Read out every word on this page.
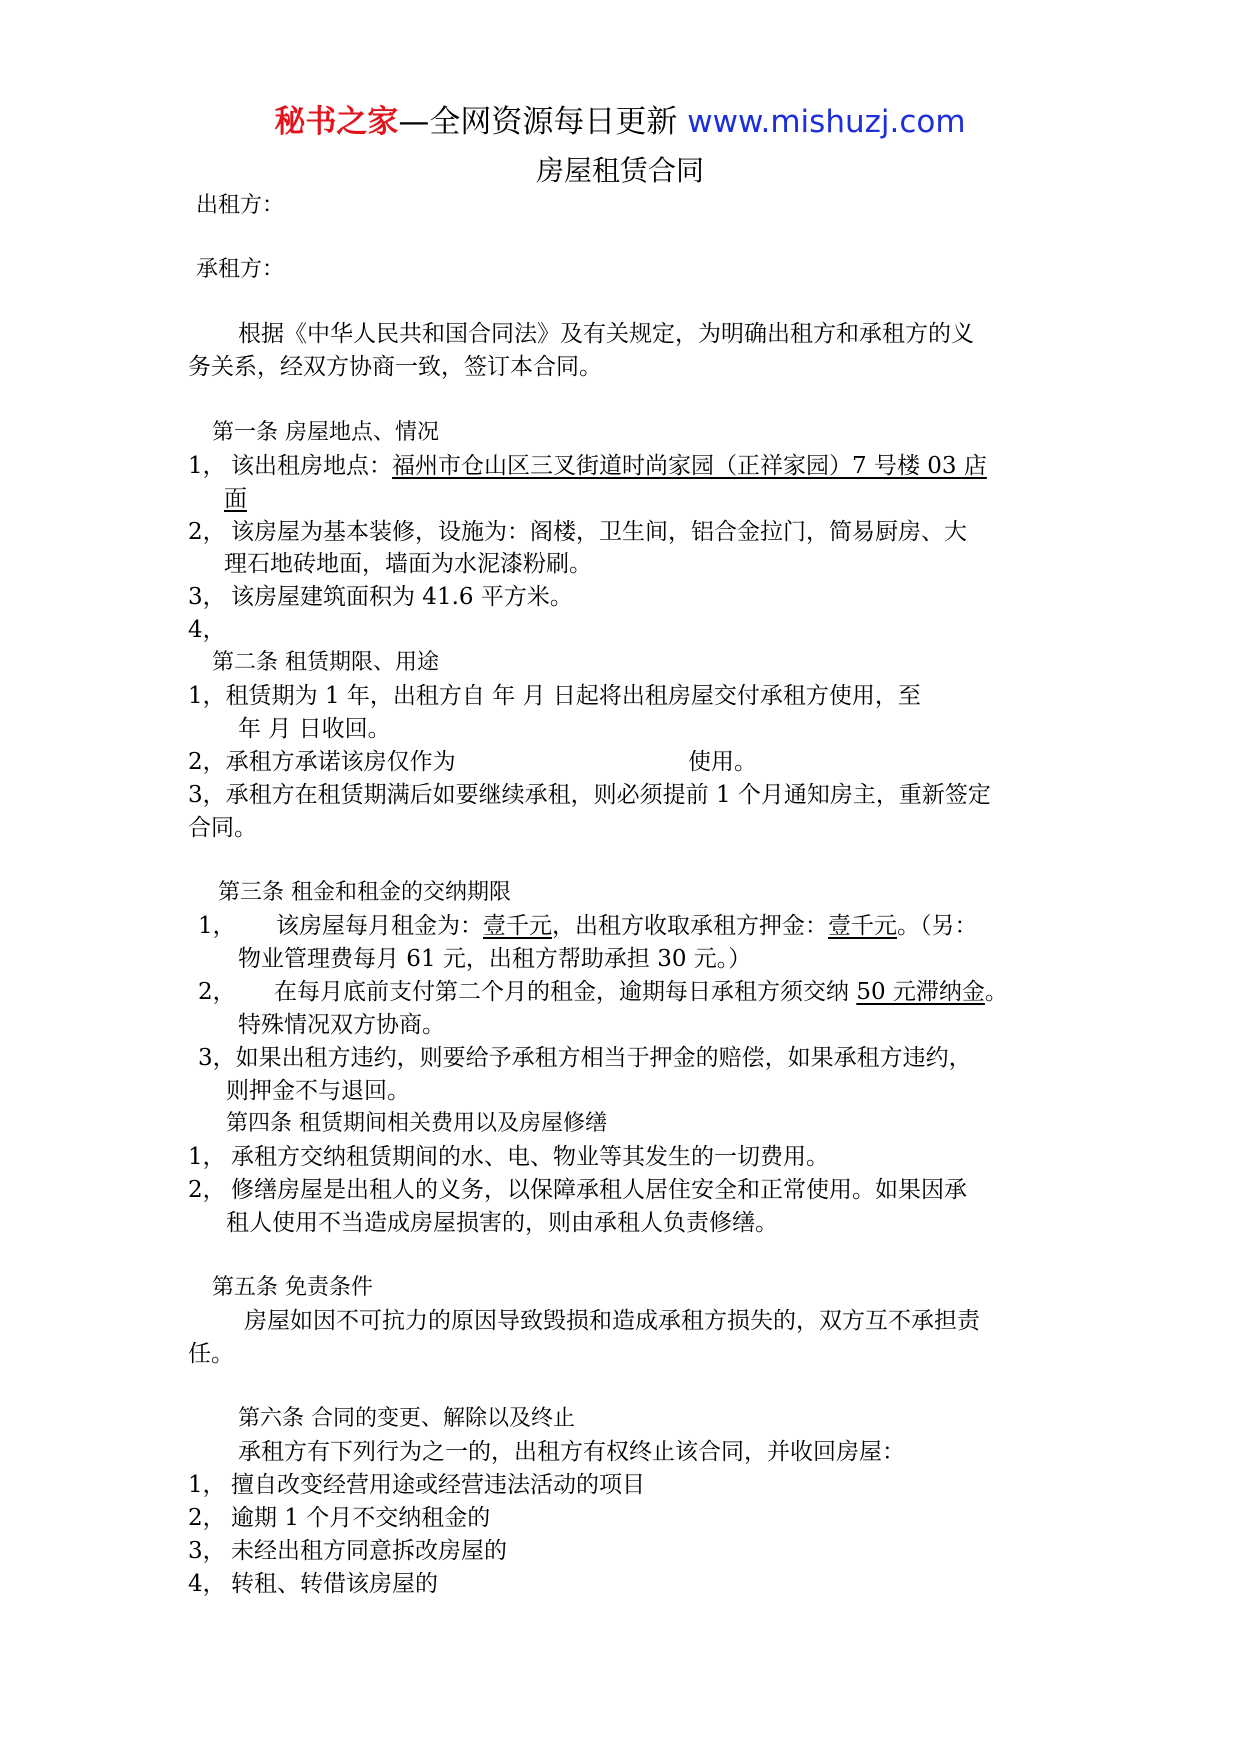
秘书之家—全网资源每日更新 www.mishuzj.com
房屋租赁合同
出租方：
承租方：
根据《中华人民共和国合同法》及有关规定，为明确出租方和承租方的义
务关系，经双方协商一致，签订本合同。
第一条 房屋地点、情况
1， 该出租房地点：福州市仓山区三叉街道时尚家园（正祥家园）7 号楼 03 店
面
2， 该房屋为基本装修，设施为：阁楼，卫生间，铝合金拉门，简易厨房、大
理石地砖地面，墙面为水泥漆粉刷。
3， 该房屋建筑面积为 41.6 平方米。
4，
第二条 租赁期限、用途
1，租赁期为 1 年，出租方自 年 月 日起将出租房屋交付承租方使用，至
年 月 日收回。
2，承租方承诺该房仅作为	使用。
3，承租方在租赁期满后如要继续承租，则必须提前 1 个月通知房主，重新签定
合同。
第三条 租金和租金的交纳期限
1， 该房屋每月租金为：壹千元，出租方收取承租方押金：壹千元。（另：
物业管理费每月 61 元，出租方帮助承担 30 元。）
2， 在每月底前支付第二个月的租金，逾期每日承租方须交纳 50 元滞纳金。
特殊情况双方协商。
3，如果出租方违约，则要给予承租方相当于押金的赔偿，如果承租方违约，
则押金不与退回。
第四条 租赁期间相关费用以及房屋修缮
1， 承租方交纳租赁期间的水、电、物业等其发生的一切费用。
2， 修缮房屋是出租人的义务，以保障承租人居住安全和正常使用。如果因承
租人使用不当造成房屋损害的，则由承租人负责修缮。
第五条 免责条件
房屋如因不可抗力的原因导致毁损和造成承租方损失的，双方互不承担责
任。
第六条 合同的变更、解除以及终止
承租方有下列行为之一的，出租方有权终止该合同，并收回房屋：
1， 擅自改变经营用途或经营违法活动的项目
2， 逾期 1 个月不交纳租金的
3， 未经出租方同意拆改房屋的
4， 转租、转借该房屋的
